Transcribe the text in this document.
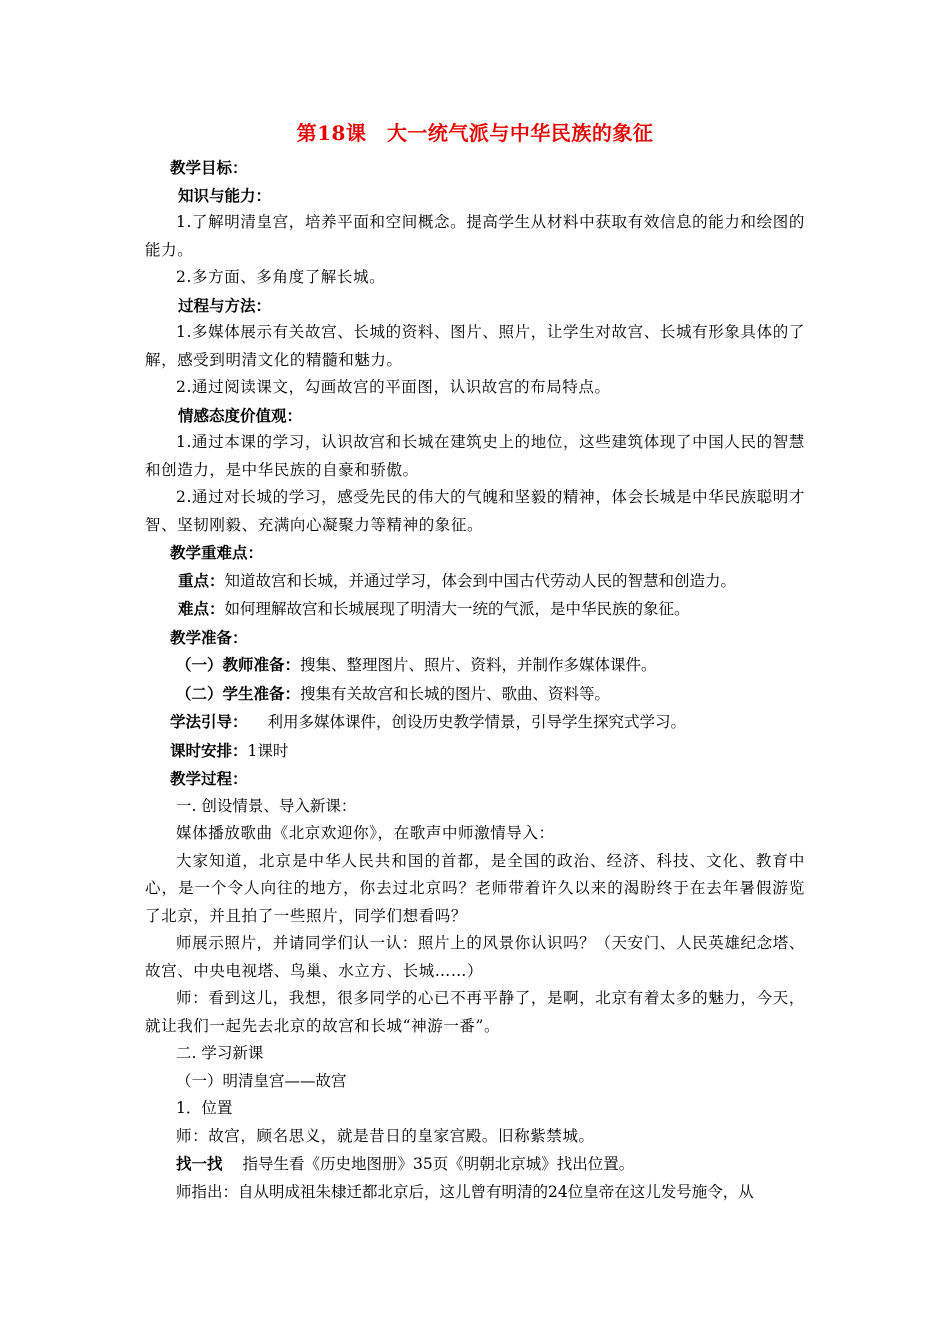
第18课　大一统气派与中华民族的象征

教学目标：

知识与能力：

1.了解明清皇宫，培养平面和空间概念。提高学生从材料中获取有效信息的能力和绘图的能力。

2.多方面、多角度了解长城。

过程与方法：

1.多媒体展示有关故宫、长城的资料、图片、照片，让学生对故宫、长城有形象具体的了解，感受到明清文化的精髓和魅力。

2.通过阅读课文，勾画故宫的平面图，认识故宫的布局特点。

情感态度价值观：

1.通过本课的学习，认识故宫和长城在建筑史上的地位，这些建筑体现了中国人民的智慧和创造力，是中华民族的自豪和骄傲。

2.通过对长城的学习，感受先民的伟大的气魄和坚毅的精神，体会长城是中华民族聪明才智、坚韧刚毅、充满向心凝聚力等精神的象征。

教学重难点：

重点：知道故宫和长城，并通过学习，体会到中国古代劳动人民的智慧和创造力。

难点：如何理解故宫和长城展现了明清大一统的气派，是中华民族的象征。

教学准备：

（一）教师准备：搜集、整理图片、照片、资料，并制作多媒体课件。

（二）学生准备：搜集有关故宫和长城的图片、歌曲、资料等。

学法引导： 利用多媒体课件，创设历史教学情景，引导学生探究式学习。

课时安排：1课时

教学过程：

一. 创设情景、导入新课：

媒体播放歌曲《北京欢迎你》，在歌声中师激情导入：

大家知道，北京是中华人民共和国的首都，是全国的政治、经济、科技、文化、教育中心，是一个令人向往的地方，你去过北京吗？老师带着许久以来的渴盼终于在去年暑假游览了北京，并且拍了一些照片，同学们想看吗？

师展示照片，并请同学们认一认：照片上的风景你认识吗？（天安门、人民英雄纪念塔、故宫、中央电视塔、鸟巢、水立方、长城……）

师：看到这儿，我想，很多同学的心已不再平静了，是啊，北京有着太多的魅力，今天，就让我们一起先去北京的故宫和长城“神游一番”。

二. 学习新课

（一）明清皇宫——故宫

1．位置

师：故宫，顾名思义，就是昔日的皇家宫殿。旧称紫禁城。

找一找 指导生看《历史地图册》35页《明朝北京城》找出位置。

师指出：自从明成祖朱棣迁都北京后，这儿曾有明清的24位皇帝在这儿发号施令，从
